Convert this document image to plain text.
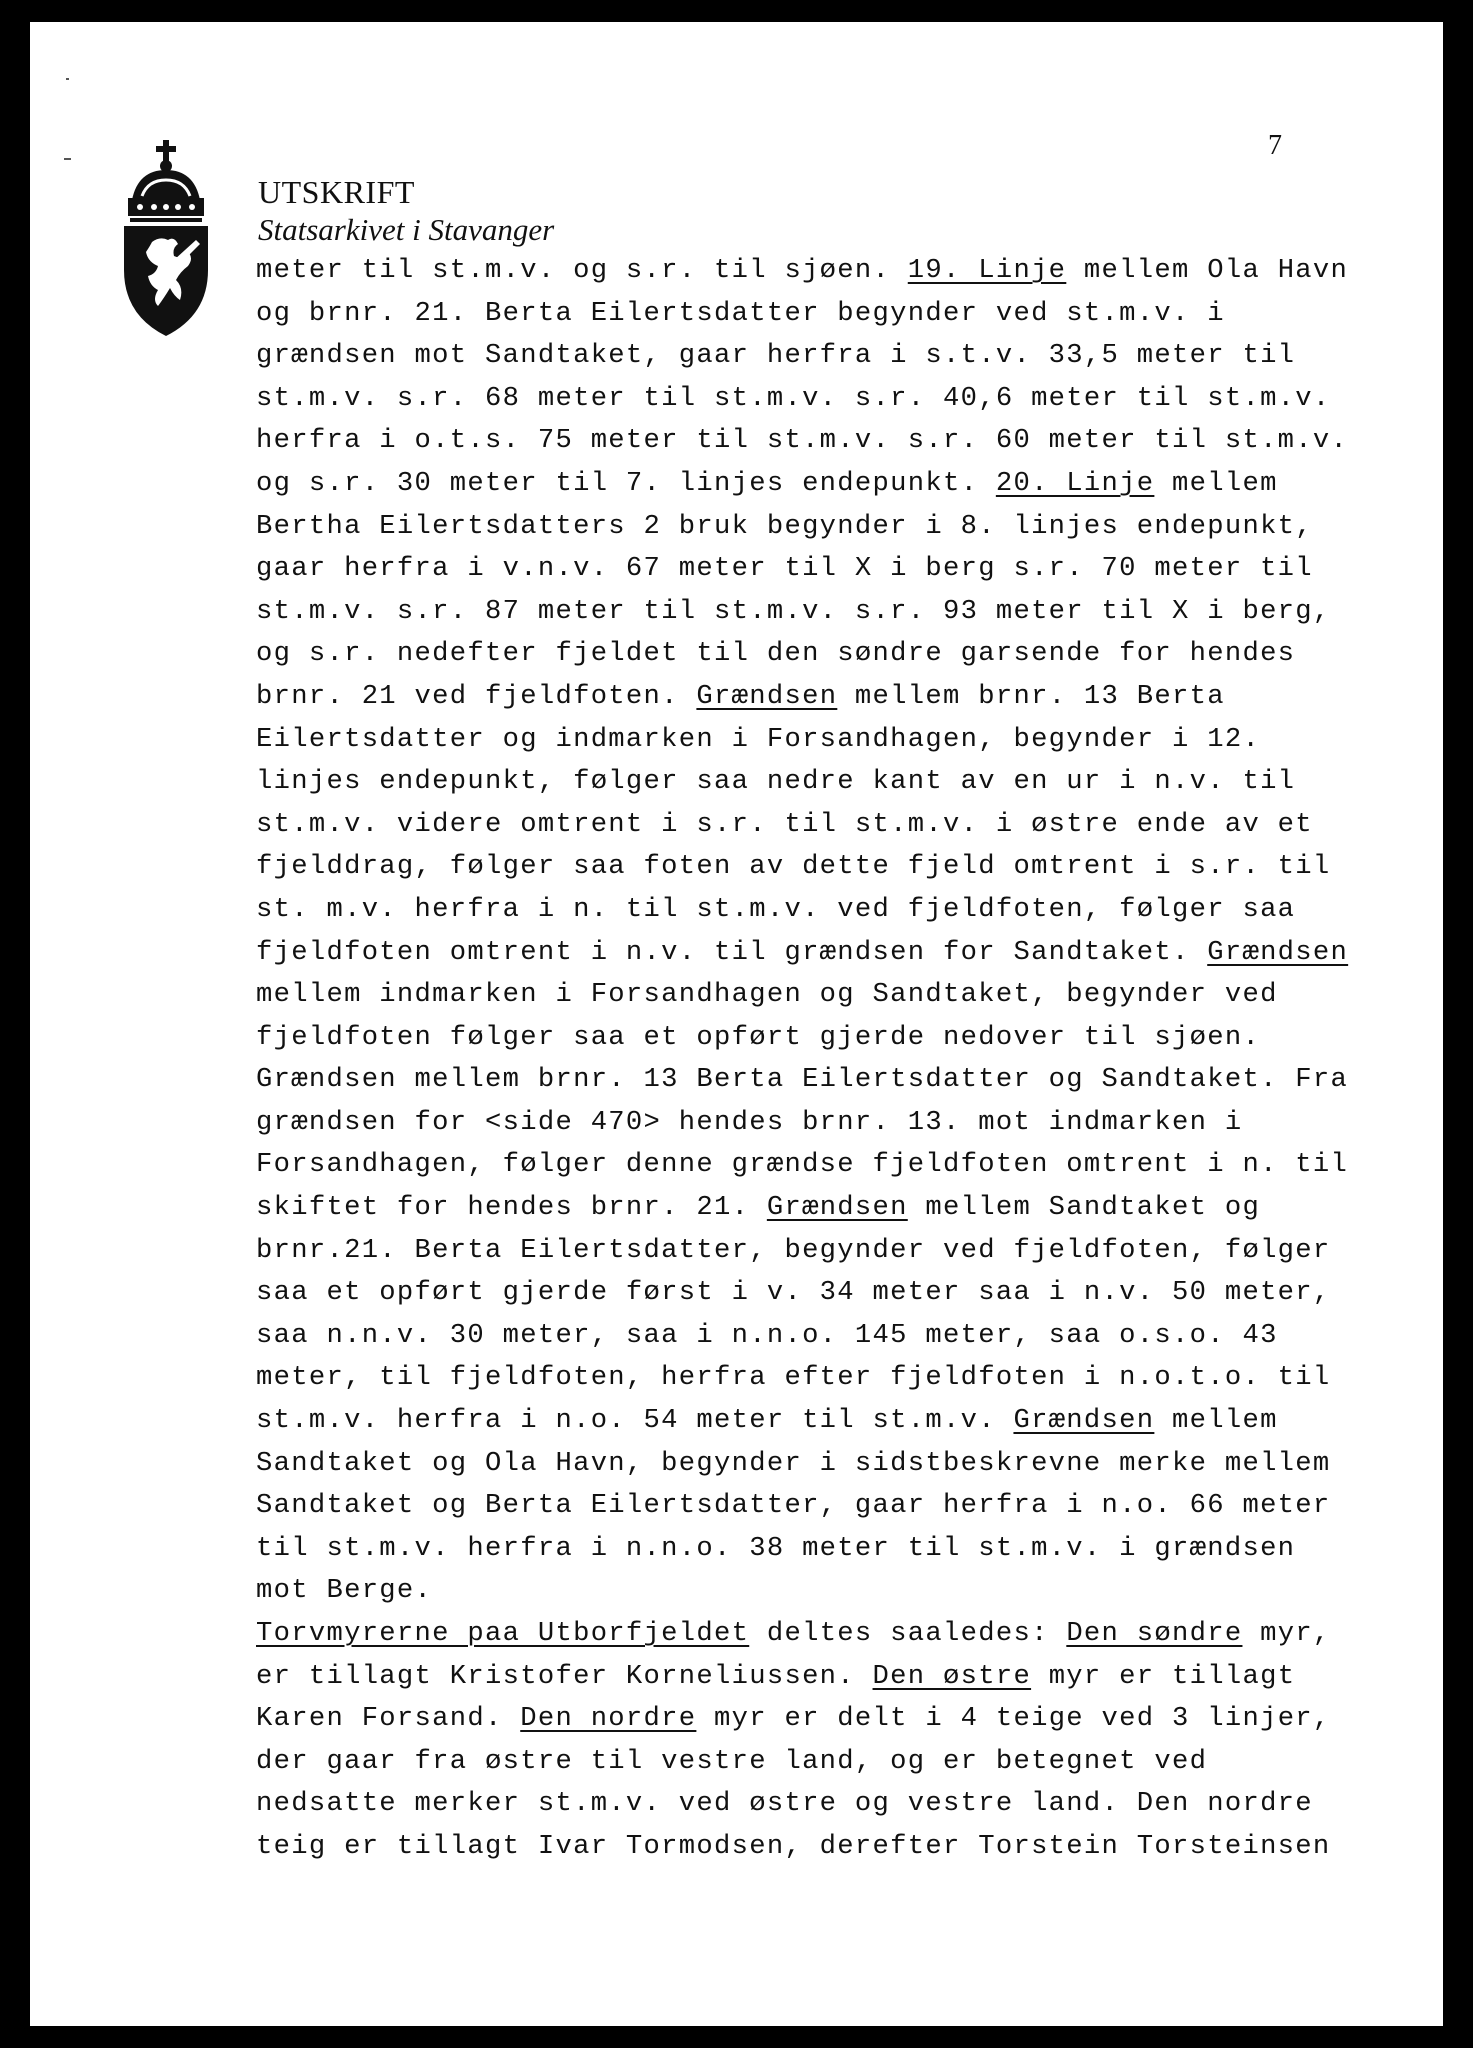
7
UTSKRIFT
Statsarkivet i Stavanger
meter til st.m.v. og s.r. til sjøen. 19. Linje mellem Ola Havn
og brnr. 21. Berta Eilertsdatter begynder ved st.m.v. i
grændsen mot Sandtaket, gaar herfra i s.t.v. 33,5 meter til
st.m.v. s.r. 68 meter til st.m.v. s.r. 40,6 meter til st.m.v.
herfra i o.t.s. 75 meter til st.m.v. s.r. 60 meter til st.m.v.
og s.r. 30 meter til 7. linjes endepunkt. 20. Linje mellem
Bertha Eilertsdatters 2 bruk begynder i 8. linjes endepunkt,
gaar herfra i v.n.v. 67 meter til X i berg s.r. 70 meter til
st.m.v. s.r. 87 meter til st.m.v. s.r. 93 meter til X i berg,
og s.r. nedefter fjeldet til den søndre garsende for hendes
brnr. 21 ved fjeldfoten. Grændsen mellem brnr. 13 Berta
Eilertsdatter og indmarken i Forsandhagen, begynder i 12.
linjes endepunkt, følger saa nedre kant av en ur i n.v. til
st.m.v. videre omtrent i s.r. til st.m.v. i østre ende av et
fjelddrag, følger saa foten av dette fjeld omtrent i s.r. til
st. m.v. herfra i n. til st.m.v. ved fjeldfoten, følger saa
fjeldfoten omtrent i n.v. til grændsen for Sandtaket. Grændsen
mellem indmarken i Forsandhagen og Sandtaket, begynder ved
fjeldfoten følger saa et opført gjerde nedover til sjøen.
Grændsen mellem brnr. 13 Berta Eilertsdatter og Sandtaket. Fra
grændsen for <side 470> hendes brnr. 13. mot indmarken i
Forsandhagen, følger denne grændse fjeldfoten omtrent i n. til
skiftet for hendes brnr. 21. Grændsen mellem Sandtaket og
brnr.21. Berta Eilertsdatter, begynder ved fjeldfoten, følger
saa et opført gjerde først i v. 34 meter saa i n.v. 50 meter,
saa n.n.v. 30 meter, saa i n.n.o. 145 meter, saa o.s.o. 43
meter, til fjeldfoten, herfra efter fjeldfoten i n.o.t.o. til
st.m.v. herfra i n.o. 54 meter til st.m.v. Grændsen mellem
Sandtaket og Ola Havn, begynder i sidstbeskrevne merke mellem
Sandtaket og Berta Eilertsdatter, gaar herfra i n.o. 66 meter
til st.m.v. herfra i n.n.o. 38 meter til st.m.v. i grændsen
mot Berge.
Torvmyrerne paa Utborfjeldet deltes saaledes: Den søndre myr,
er tillagt Kristofer Korneliussen. Den østre myr er tillagt
Karen Forsand. Den nordre myr er delt i 4 teige ved 3 linjer,
der gaar fra østre til vestre land, og er betegnet ved
nedsatte merker st.m.v. ved østre og vestre land. Den nordre
teig er tillagt Ivar Tormodsen, derefter Torstein Torsteinsen
